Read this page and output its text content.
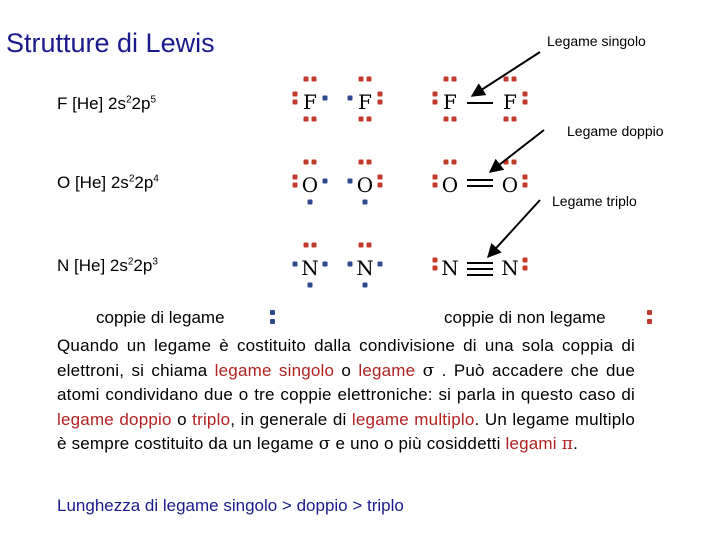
Strutture di Lewis	Legame singolo
Legame doppio
Legame triplo
F [He] $2s^22p^5$
O [He] $2s^22p^4$
N [He] $2s^22p^3$
F F	F F
O O	O O
N N	N N
coppie di legame	coppie di non legame
Quando un legame è costituito dalla condivisione di una sola coppia di elettroni, si chiama legame singolo o legame σ . Può accadere che due atomi condividano due o tre coppie elettroniche: si parla in questo caso di legame doppio o triplo, in generale di legame multiplo. Un legame multiplo è sempre costituito da un legame σ e uno o più cosiddetti legami π.
Lunghezza di legame singolo > doppio > triplo
